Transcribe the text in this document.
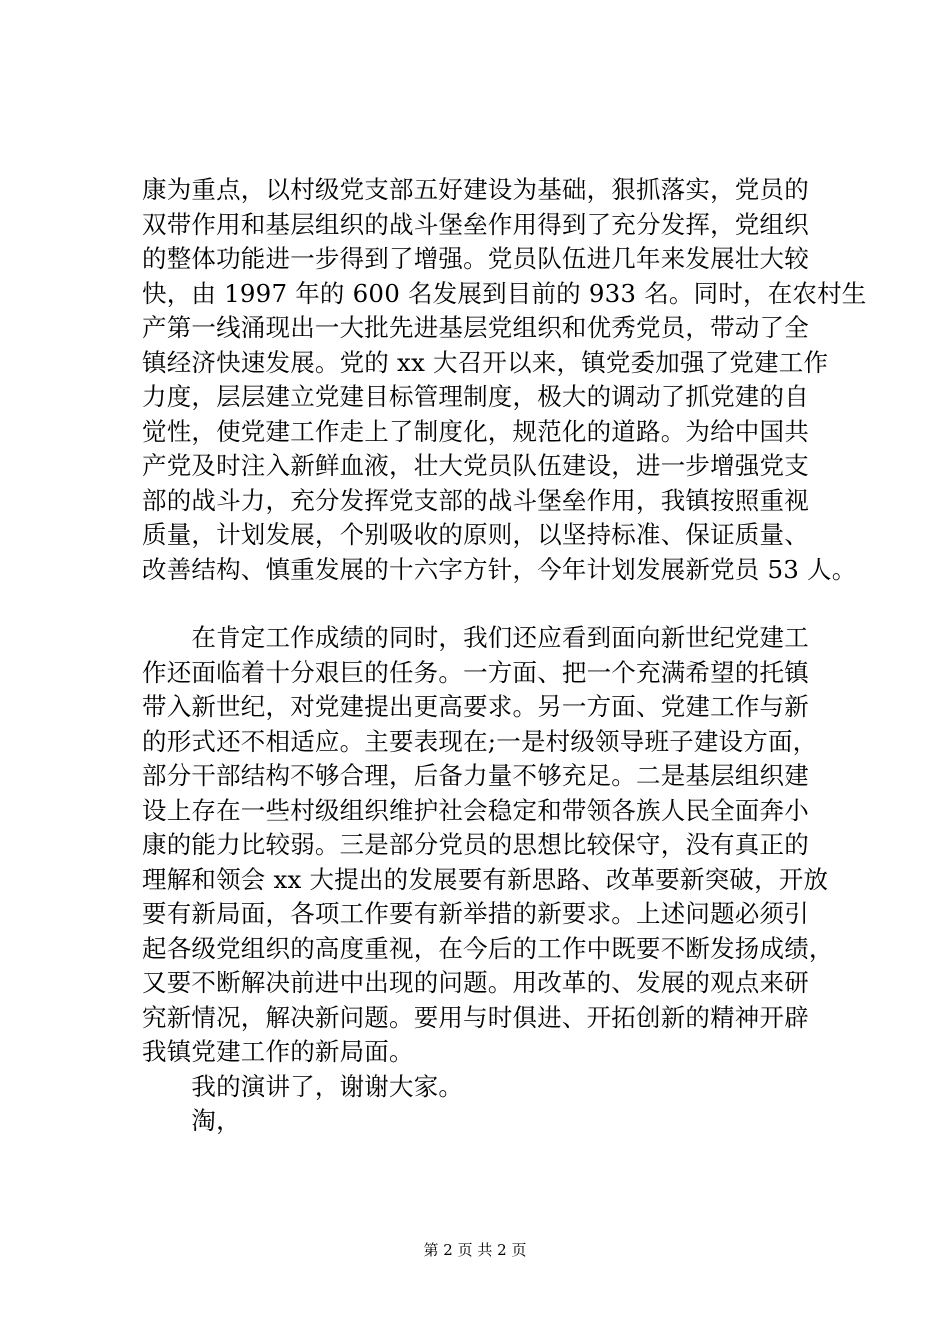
康为重点，以村级党支部五好建设为基础，狠抓落实，党员的
双带作用和基层组织的战斗堡垒作用得到了充分发挥，党组织
的整体功能进一步得到了增强。党员队伍进几年来发展壮大较
快，由 1997 年的 600 名发展到目前的 933 名。同时，在农村生
产第一线涌现出一大批先进基层党组织和优秀党员，带动了全
镇经济快速发展。党的 xx 大召开以来，镇党委加强了党建工作
力度，层层建立党建目标管理制度，极大的调动了抓党建的自
觉性，使党建工作走上了制度化，规范化的道路。为给中国共
产党及时注入新鲜血液，壮大党员队伍建设，进一步增强党支
部的战斗力，充分发挥党支部的战斗堡垒作用，我镇按照重视
质量，计划发展，个别吸收的原则，以坚持标准、保证质量、
改善结构、慎重发展的十六字方针，今年计划发展新党员 53 人。
　　在肯定工作成绩的同时，我们还应看到面向新世纪党建工
作还面临着十分艰巨的任务。一方面、把一个充满希望的托镇
带入新世纪，对党建提出更高要求。另一方面、党建工作与新
的形式还不相适应。主要表现在;一是村级领导班子建设方面，
部分干部结构不够合理，后备力量不够充足。二是基层组织建
设上存在一些村级组织维护社会稳定和带领各族人民全面奔小
康的能力比较弱。三是部分党员的思想比较保守，没有真正的
理解和领会 xx 大提出的发展要有新思路、改革要新突破，开放
要有新局面，各项工作要有新举措的新要求。上述问题必须引
起各级党组织的高度重视，在今后的工作中既要不断发扬成绩，
又要不断解决前进中出现的问题。用改革的、发展的观点来研
究新情况，解决新问题。要用与时俱进、开拓创新的精神开辟
我镇党建工作的新局面。
　　我的演讲了，谢谢大家。
　　淘，
第 2 页 共 2 页
